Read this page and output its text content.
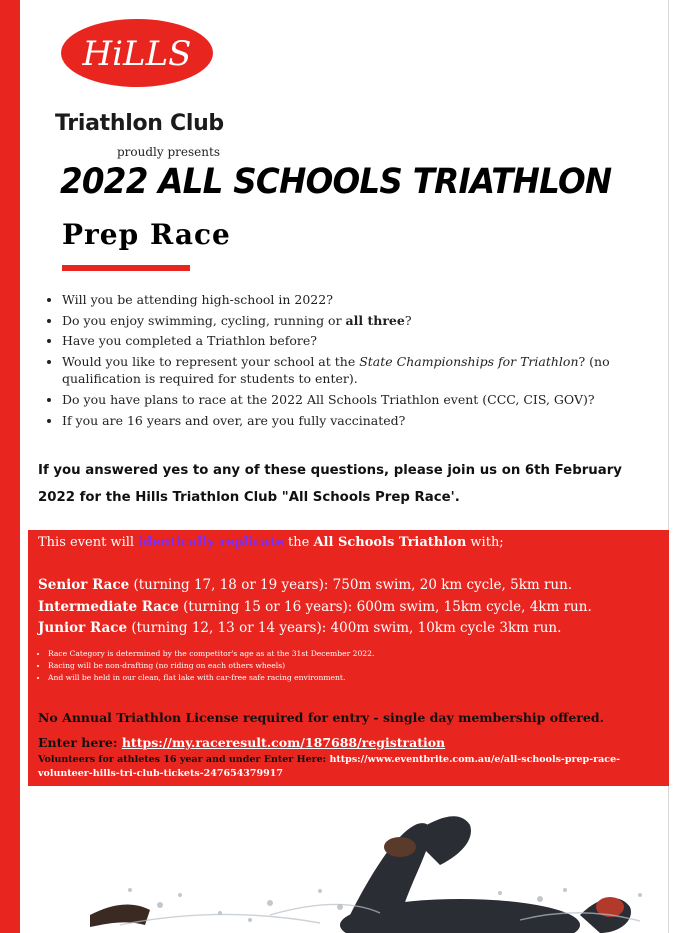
HiLLS
Triathlon Club
proudly presents
2022 ALL SCHOOLS TRIATHLON
Prep Race
• Will you be attending high-school in 2022?
• Do you enjoy swimming, cycling, running or all three?
• Have you completed a Triathlon before?
• Would you like to represent your school at the State Championships for Triathlon? (no qualification is required for students to enter).
• Do you have plans to race at the 2022 All Schools Triathlon event (CCC, CIS, GOV)?
• If you are 16 years and over, are you fully vaccinated?
If you answered yes to any of these questions, please join us on 6th February 2022 for the Hills Triathlon Club "All Schools Prep Race'.
This event will identically replicate the All Schools Triathlon with;
Senior Race (turning 17, 18 or 19 years): 750m swim, 20 km cycle, 5km run.
Intermediate Race (turning 15 or 16 years): 600m swim, 15km cycle, 4km run.
Junior Race (turning 12, 13 or 14 years): 400m swim, 10km cycle 3km run.
• Race Category is determined by the competitor's age as at the 31st December 2022.
• Racing will be non-drafting (no riding on each others wheels)
• And will be held in our clean, flat lake with car-free safe racing environment.
No Annual Triathlon License required for entry - single day membership offered.
Enter here: https://my.raceresult.com/187688/registration
Volunteers for athletes 16 year and under Enter Here: https://www.eventbrite.com.au/e/all-schools-prep-race-volunteer-hills-tri-club-tickets-247654379917
